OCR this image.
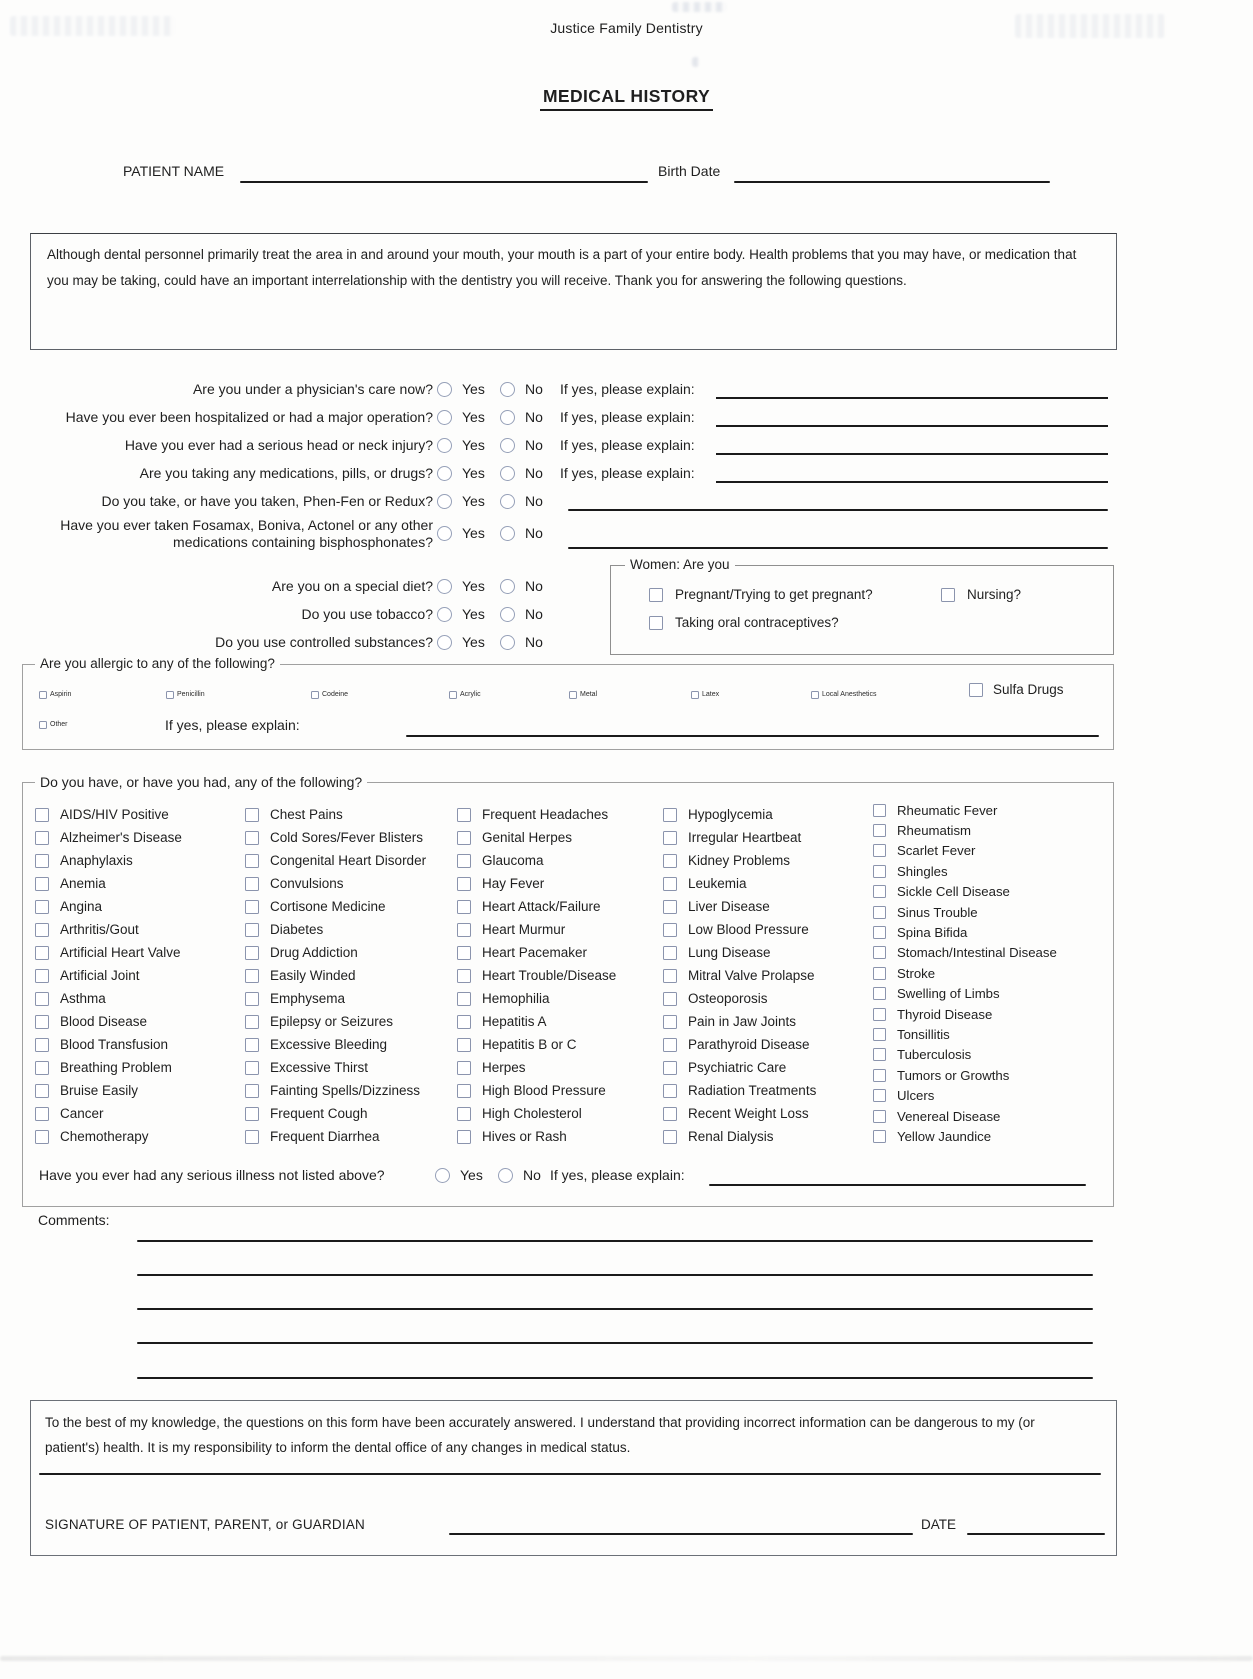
Justice Family Dentistry
MEDICAL HISTORY
PATIENT NAME	Birth Date
Although dental personnel primarily treat the area in and around your mouth, your mouth is a part of your entire body. Health problems that you may have, or medication that you may be taking, could have an important interrelationship with the dentistry you will receive. Thank you for answering the following questions.
Are you under a physician's care now? Yes	No If yes, please explain:
Have you ever been hospitalized or had a major operation? Yes	No If yes, please explain:
Have you ever had a serious head or neck injury? Yes	No If yes, please explain:
Are you taking any medications, pills, or drugs? Yes	No If yes, please explain:
Do you take, or have you taken, Phen-Fen or Redux? Yes	No
Have you ever taken Fosamax, Boniva, Actonel or any other medications containing bisphosphonates?
Yes	No
Are you on a special diet? Yes	No
Do you use tobacco? Yes	No
Do you use controlled substances? Yes	No
Women: Are you
Pregnant/Trying to get pregnant?	Nursing?
Taking oral contraceptives?
Are you allergic to any of the following?
Aspirin	Penicillin	Codeine	Acrylic	Metal	Latex	Local Anesthetics	Sulfa Drugs
Other	If yes, please explain:
Do you have, or have you had, any of the following?
AIDS/HIV Positive
Alzheimer's Disease
Anaphylaxis
Anemia
Angina
Arthritis/Gout
Artificial Heart Valve
Artificial Joint
Asthma
Blood Disease
Blood Transfusion
Breathing Problem
Bruise Easily
Cancer
Chemotherapy
Chest Pains
Cold Sores/Fever Blisters
Congenital Heart Disorder
Convulsions
Cortisone Medicine
Diabetes
Drug Addiction
Easily Winded
Emphysema
Epilepsy or Seizures
Excessive Bleeding
Excessive Thirst
Fainting Spells/Dizziness
Frequent Cough
Frequent Diarrhea
Frequent Headaches
Genital Herpes
Glaucoma
Hay Fever
Heart Attack/Failure
Heart Murmur
Heart Pacemaker
Heart Trouble/Disease
Hemophilia
Hepatitis A
Hepatitis B or C
Herpes
High Blood Pressure
High Cholesterol
Hives or Rash
Hypoglycemia
Irregular Heartbeat
Kidney Problems
Leukemia
Liver Disease
Low Blood Pressure
Lung Disease
Mitral Valve Prolapse
Osteoporosis
Pain in Jaw Joints
Parathyroid Disease
Psychiatric Care
Radiation Treatments
Recent Weight Loss
Renal Dialysis
Rheumatic Fever
Rheumatism
Scarlet Fever
Shingles
Sickle Cell Disease
Sinus Trouble
Spina Bifida
Stomach/Intestinal Disease
Stroke
Swelling of Limbs
Thyroid Disease
Tonsillitis
Tuberculosis
Tumors or Growths
Ulcers
Venereal Disease
Yellow Jaundice
Have you ever had any serious illness not listed above?	Yes	No If yes, please explain:
Comments:
To the best of my knowledge, the questions on this form have been accurately answered. I understand that providing incorrect information can be dangerous to my (or patient's) health. It is my responsibility to inform the dental office of any changes in medical status.
SIGNATURE OF PATIENT, PARENT, or GUARDIAN	DATE
